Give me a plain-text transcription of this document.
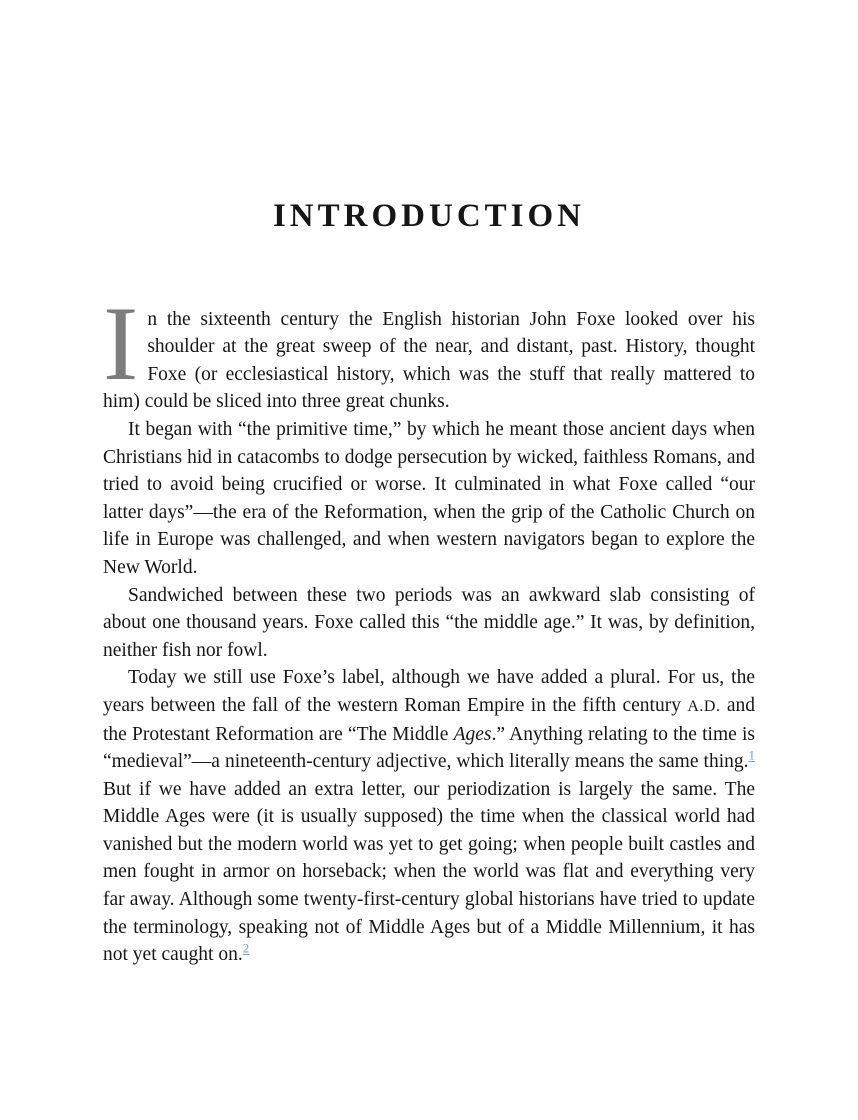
INTRODUCTION

In the sixteenth century the English historian John Foxe looked over his shoulder at the great sweep of the near, and distant, past. History, thought Foxe (or ecclesiastical history, which was the stuff that really mattered to him) could be sliced into three great chunks.

It began with “the primitive time,” by which he meant those ancient days when Christians hid in catacombs to dodge persecution by wicked, faithless Romans, and tried to avoid being crucified or worse. It culminated in what Foxe called “our latter days”—the era of the Reformation, when the grip of the Catholic Church on life in Europe was challenged, and when western navigators began to explore the New World.

Sandwiched between these two periods was an awkward slab consisting of about one thousand years. Foxe called this “the middle age.” It was, by definition, neither fish nor fowl.

Today we still use Foxe’s label, although we have added a plural. For us, the years between the fall of the western Roman Empire in the fifth century A.D. and the Protestant Reformation are “The Middle Ages.” Anything relating to the time is “medieval”—a nineteenth-century adjective, which literally means the same thing.$^1$ But if we have added an extra letter, our periodization is largely the same. The Middle Ages were (it is usually supposed) the time when the classical world had vanished but the modern world was yet to get going; when people built castles and men fought in armor on horseback; when the world was flat and everything very far away. Although some twenty-first-century global historians have tried to update the terminology, speaking not of Middle Ages but of a Middle Millennium, it has not yet caught on.$^2$
